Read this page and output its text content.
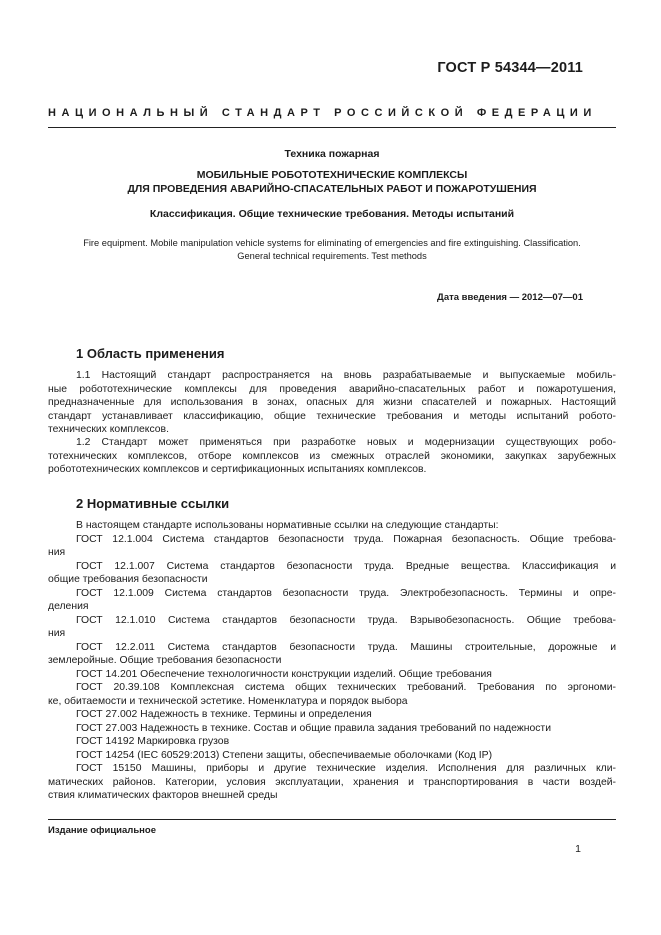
ГОСТ Р 54344—2011
НАЦИОНАЛЬНЫЙ СТАНДАРТ РОССИЙСКОЙ ФЕДЕРАЦИИ
Техника пожарная
МОБИЛЬНЫЕ РОБОТОТЕХНИЧЕСКИЕ КОМПЛЕКСЫ
ДЛЯ ПРОВЕДЕНИЯ АВАРИЙНО-СПАСАТЕЛЬНЫХ РАБОТ И ПОЖАРОТУШЕНИЯ
Классификация. Общие технические требования. Методы испытаний
Fire equipment. Mobile manipulation vehicle systems for eliminating of emergencies and fire extinguishing. Classification.
General technical requirements. Test methods
Дата введения — 2012—07—01
1 Область применения
1.1 Настоящий стандарт распространяется на вновь разрабатываемые и выпускаемые мобиль-
ные робототехнические комплексы для проведения аварийно-спасательных работ и пожаротушения,
предназначенные для использования в зонах, опасных для жизни спасателей и пожарных. Настоящий
стандарт устанавливает классификацию, общие технические требования и методы испытаний робото-
технических комплексов.
1.2 Стандарт может применяться при разработке новых и модернизации существующих робо-
тотехнических комплексов, отборе комплексов из смежных отраслей экономики, закупках зарубежных
робототехнических комплексов и сертификационных испытаниях комплексов.
2 Нормативные ссылки
В настоящем стандарте использованы нормативные ссылки на следующие стандарты:
ГОСТ 12.1.004 Система стандартов безопасности труда. Пожарная безопасность. Общие требова-
ния
ГОСТ 12.1.007 Система стандартов безопасности труда. Вредные вещества. Классификация и
общие требования безопасности
ГОСТ 12.1.009 Система стандартов безопасности труда. Электробезопасность. Термины и опре-
деления
ГОСТ 12.1.010 Система стандартов безопасности труда. Взрывобезопасность. Общие требова-
ния
ГОСТ 12.2.011 Система стандартов безопасности труда. Машины строительные, дорожные и
землеройные. Общие требования безопасности
ГОСТ 14.201 Обеспечение технологичности конструкции изделий. Общие требования
ГОСТ 20.39.108 Комплексная система общих технических требований. Требования по эргономи-
ке, обитаемости и технической эстетике. Номенклатура и порядок выбора
ГОСТ 27.002 Надежность в технике. Термины и определения
ГОСТ 27.003 Надежность в технике. Состав и общие правила задания требований по надежности
ГОСТ 14192 Маркировка грузов
ГОСТ 14254 (IEC 60529:2013) Степени защиты, обеспечиваемые оболочками (Код IP)
ГОСТ 15150 Машины, приборы и другие технические изделия. Исполнения для различных кли-
матических районов. Категории, условия эксплуатации, хранения и транспортирования в части воздей-
ствия климатических факторов внешней среды
Издание официальное
1
